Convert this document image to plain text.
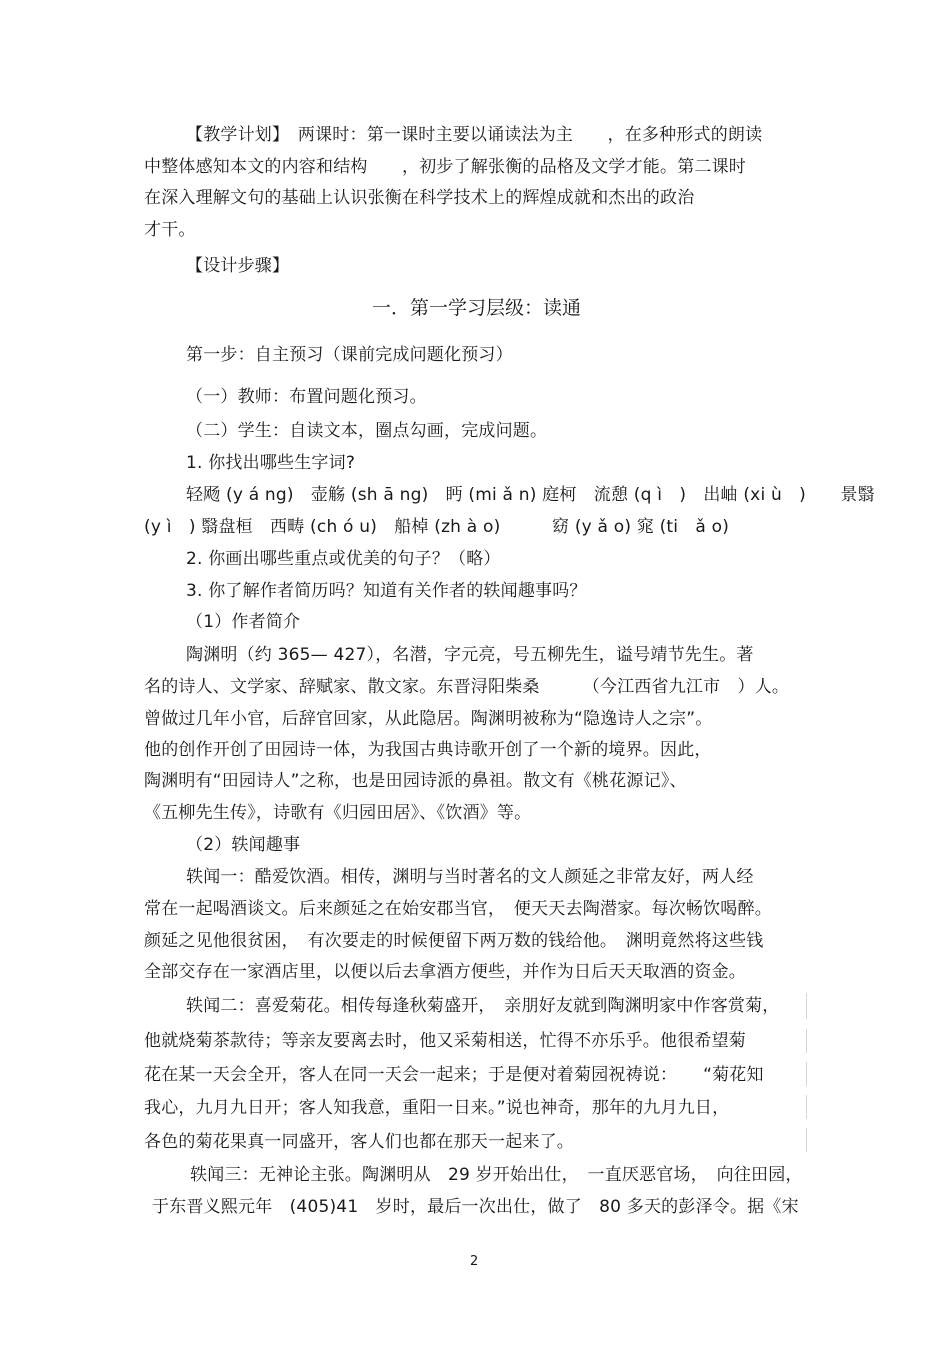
【教学计划】　两课时：第一课时主要以诵读法为主　　，在多种形式的朗读
中整体感知本文的内容和结构　　，初步了解张衡的品格及文学才能。第二课时
在深入理解文句的基础上认识张衡在科学技术上的辉煌成就和杰出的政治
才干。
【设计步骤】
一．第一学习层级：读通
第一步：自主预习（课前完成问题化预习）
（一）教师：布置问题化预习。
（二）学生：自读文本，圈点勾画，完成问题。
1. 你找出哪些生字词?
轻飏 (y á ng)　壶觞 (sh ā ng)　眄 (mi ǎ n) 庭柯　流憩 (q ì　)　出岫 (xi ù　)　　景翳
(y ì　) 翳盘桓　西畴 (ch ó u)　船棹 (zh à o)　　　窈 (y ǎ o) 窕 (ti　ǎ o)
2. 你画出哪些重点或优美的句子？（略）
3. 你了解作者简历吗？知道有关作者的轶闻趣事吗？
（1）作者简介
陶渊明（约 365— 427），名潜，字元亮，号五柳先生，谥号靖节先生。著
名的诗人、文学家、辞赋家、散文家。东晋浔阳柴桑　　　（今江西省九江市　）人。
曾做过几年小官，后辞官回家，从此隐居。陶渊明被称为“隐逸诗人之宗”。
他的创作开创了田园诗一体，为我国古典诗歌开创了一个新的境界。因此，
陶渊明有“田园诗人”之称，也是田园诗派的鼻祖。散文有《桃花源记》、
《五柳先生传》，诗歌有《归园田居》、《饮酒》等。
（2）轶闻趣事
轶闻一：酷爱饮酒。相传，渊明与当时著名的文人颜延之非常友好，两人经
常在一起喝酒谈文。后来颜延之在始安郡当官，　便天天去陶潜家。每次畅饮喝醉。
颜延之见他很贫困，　有次要走的时候便留下两万数的钱给他。　渊明竟然将这些钱
全部交存在一家酒店里，以便以后去拿酒方便些，并作为日后天天取酒的资金。
轶闻二：喜爱菊花。相传每逢秋菊盛开，　亲朋好友就到陶渊明家中作客赏菊，
他就烧菊茶款待；等亲友要离去时，他又采菊相送，忙得不亦乐乎。他很希望菊
花在某一天会全开，客人在同一天会一起来；于是便对着菊园祝祷说：　　“菊花知
我心，九月九日开；客人知我意，重阳一日来。”说也神奇，那年的九月九日，
各色的菊花果真一同盛开，客人们也都在那天一起来了。
轶闻三：无神论主张。陶渊明从　29 岁开始出仕，　一直厌恶官场，　向往田园，
于东晋义熙元年　(405)41　岁时，最后一次出仕，做了　80 多天的彭泽令。据《宋
2
